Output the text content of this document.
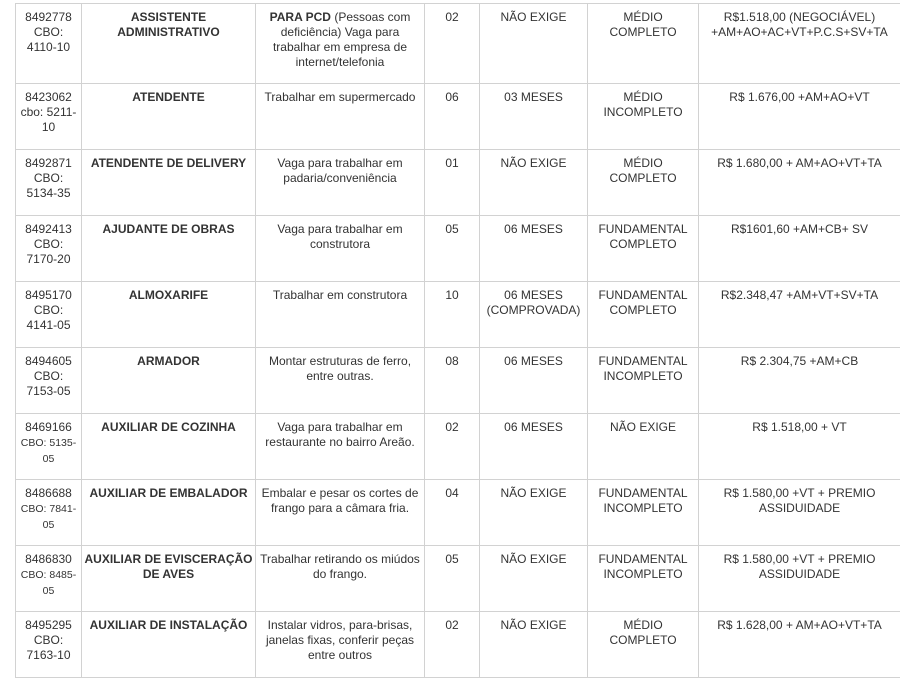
8492778
CBO:
4110-10	ASSISTENTE ADMINISTRATIVO	PARA PCD (Pessoas com deficiência) Vaga para trabalhar em empresa de internet/telefonia	02	NÃO EXIGE	MÉDIO COMPLETO	R$1.518,00 (NEGOCIÁVEL)
+AM+AO+AC+VT+P.C.S+SV+TA

8423062
cbo: 5211-
10	ATENDENTE	Trabalhar em supermercado	06	03 MESES	MÉDIO INCOMPLETO	R$ 1.676,00 +AM+AO+VT

8492871
CBO:
5134-35	ATENDENTE DE DELIVERY	Vaga para trabalhar em padaria/conveniência	01	NÃO EXIGE	MÉDIO COMPLETO	R$ 1.680,00 + AM+AO+VT+TA

8492413
CBO:
7170-20	AJUDANTE DE OBRAS	Vaga para trabalhar em construtora	05	06 MESES	FUNDAMENTAL COMPLETO	R$1601,60 +AM+CB+ SV

8495170
CBO:
4141-05	ALMOXARIFE	Trabalhar em construtora	10	06 MESES (COMPROVADA)	FUNDAMENTAL COMPLETO	R$2.348,47 +AM+VT+SV+TA

8494605
CBO:
7153-05	ARMADOR	Montar estruturas de ferro, entre outras.	08	06 MESES	FUNDAMENTAL INCOMPLETO	R$ 2.304,75 +AM+CB

8469166
CBO: 5135-
05	AUXILIAR DE COZINHA	Vaga para trabalhar em restaurante no bairro Areão.	02	06 MESES	NÃO EXIGE	R$ 1.518,00 + VT

8486688
CBO: 7841-
05	AUXILIAR DE EMBALADOR	Embalar e pesar os cortes de frango para a câmara fria.	04	NÃO EXIGE	FUNDAMENTAL INCOMPLETO	R$ 1.580,00 +VT + PREMIO
ASSIDUIDADE

8486830
CBO: 8485-
05	AUXILIAR DE EVISCERAÇÃO DE AVES	Trabalhar retirando os miúdos do frango.	05	NÃO EXIGE	FUNDAMENTAL INCOMPLETO	R$ 1.580,00 +VT + PREMIO
ASSIDUIDADE

8495295
CBO:
7163-10	AUXILIAR DE INSTALAÇÃO	Instalar vidros, para-brisas, janelas fixas, conferir peças entre outros	02	NÃO EXIGE	MÉDIO COMPLETO	R$ 1.628,00 + AM+AO+VT+TA
